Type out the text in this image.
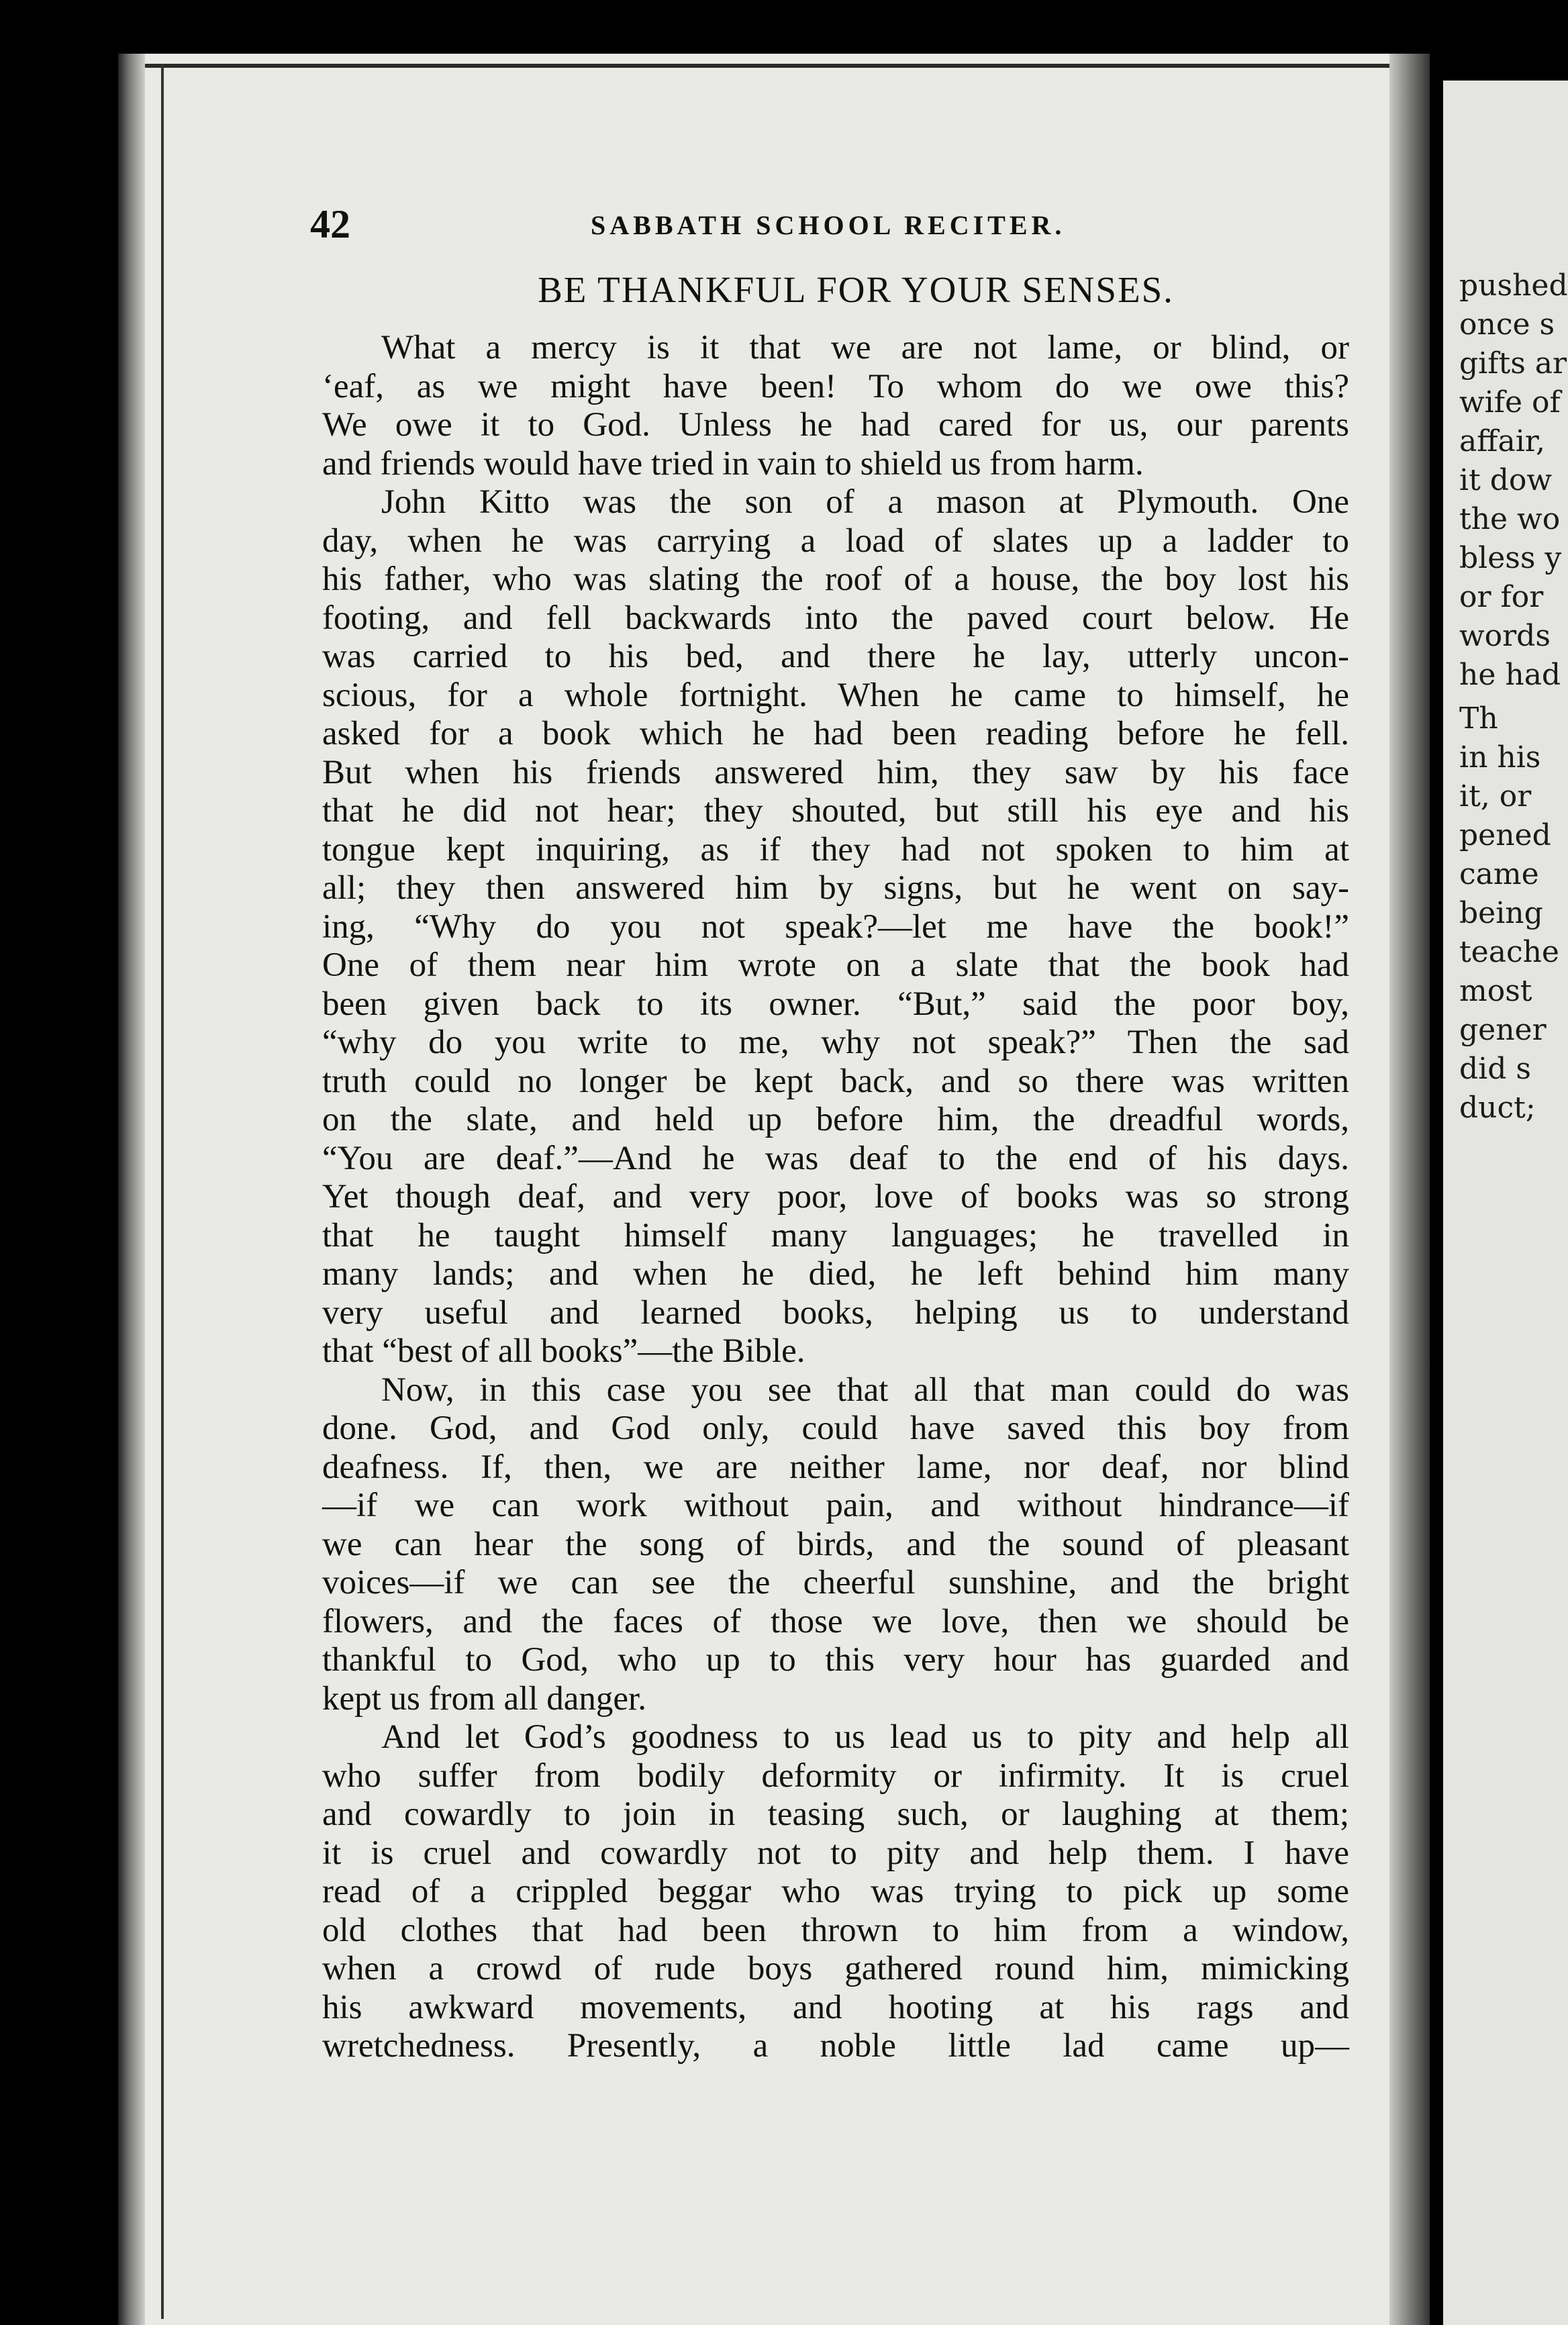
42	SABBATH SCHOOL RECITER.
BE THANKFUL FOR YOUR SENSES.
What a mercy is it that we are not lame, or blind, or
ʻeaf, as we might have been! To whom do we owe this?
We owe it to God. Unless he had cared for us, our parents
and friends would have tried in vain to shield us from harm.
John Kitto was the son of a mason at Plymouth. One
day, when he was carrying a load of slates up a ladder to
his father, who was slating the roof of a house, the boy lost his
footing, and fell backwards into the paved court below. He
was carried to his bed, and there he lay, utterly uncon-
scious, for a whole fortnight. When he came to himself, he
asked for a book which he had been reading before he fell.
But when his friends answered him, they saw by his face
that he did not hear; they shouted, but still his eye and his
tongue kept inquiring, as if they had not spoken to him at
all; they then answered him by signs, but he went on say-
ing, “Why do you not speak?—let me have the book!”
One of them near him wrote on a slate that the book had
been given back to its owner. “But,” said the poor boy,
“why do you write to me, why not speak?” Then the sad
truth could no longer be kept back, and so there was written
on the slate, and held up before him, the dreadful words,
“You are deaf.”—And he was deaf to the end of his days.
Yet though deaf, and very poor, love of books was so strong
that he taught himself many languages; he travelled in
many lands; and when he died, he left behind him many
very useful and learned books, helping us to understand
that “best of all books”—the Bible.
Now, in this case you see that all that man could do was
done. God, and God only, could have saved this boy from
deafness. If, then, we are neither lame, nor deaf, nor blind
—if we can work without pain, and without hindrance—if
we can hear the song of birds, and the sound of pleasant
voices—if we can see the cheerful sunshine, and the bright
flowers, and the faces of those we love, then we should be
thankful to God, who up to this very hour has guarded and
kept us from all danger.
And let God’s goodness to us lead us to pity and help all
who suffer from bodily deformity or infirmity. It is cruel
and cowardly to join in teasing such, or laughing at them;
it is cruel and cowardly not to pity and help them. I have
read of a crippled beggar who was trying to pick up some
old clothes that had been thrown to him from a window,
when a crowd of rude boys gathered round him, mimicking
his awkward movements, and hooting at his rags and
wretchedness. Presently, a noble little lad came up—
pushed
once s
gifts ar
wife of
affair,
it dow
the wo
bless y
or for
words
he had
Th
in his
it, or
pened
came
being
teache
most
gener
did s
duct;
